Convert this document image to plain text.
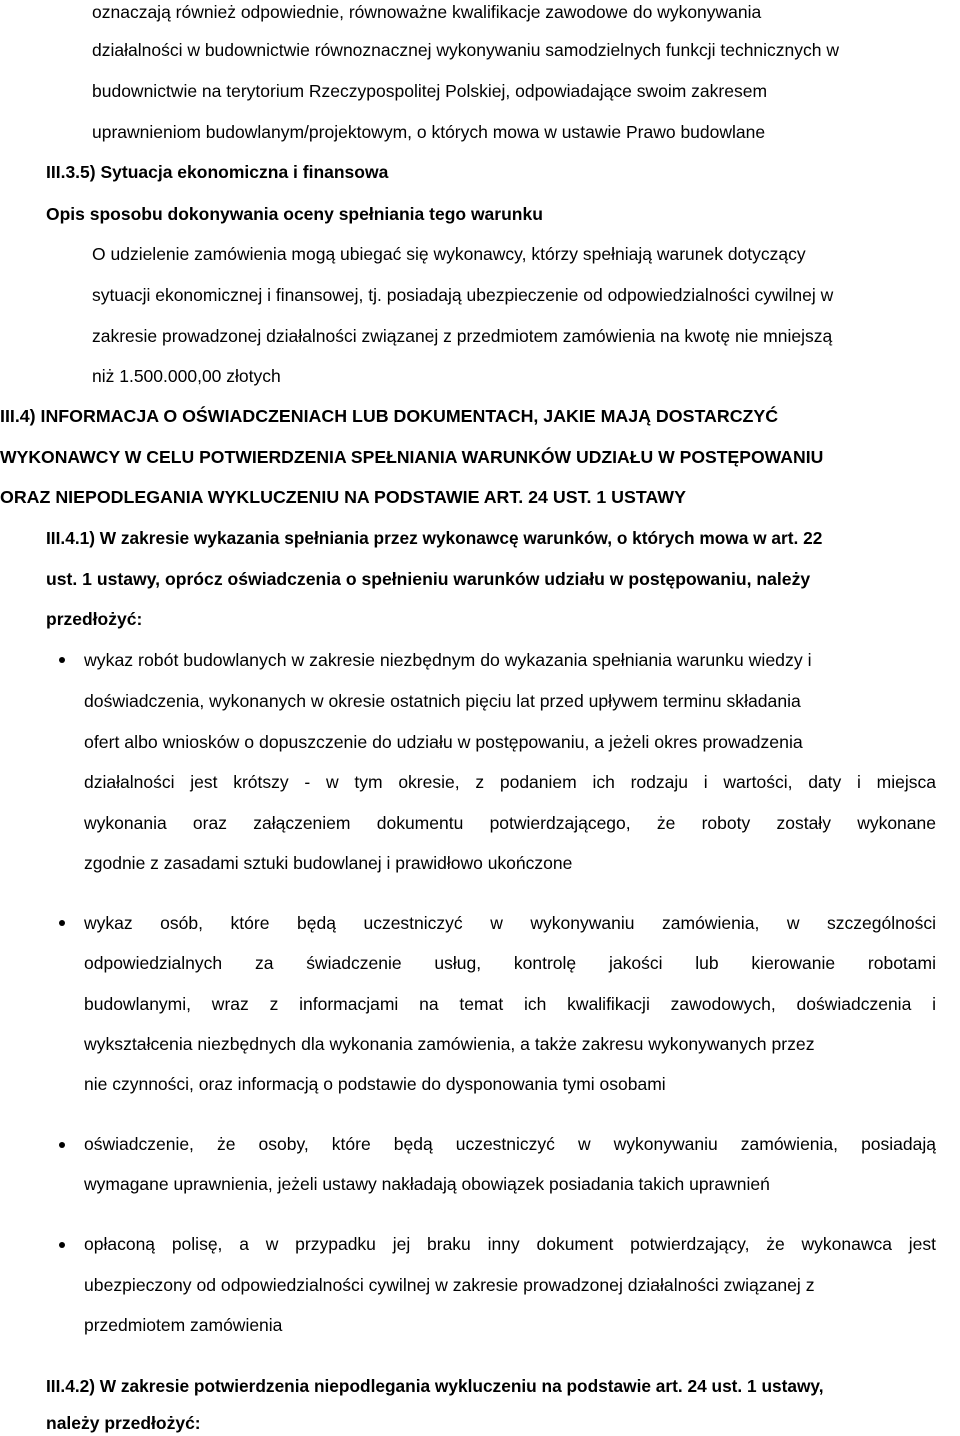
oznaczają również odpowiednie, równoważne kwalifikacje zawodowe do wykonywania
działalności w budownictwie równoznacznej wykonywaniu samodzielnych funkcji technicznych w
budownictwie na terytorium Rzeczypospolitej Polskiej, odpowiadające swoim zakresem
uprawnieniom budowlanym/projektowym, o których mowa w ustawie Prawo budowlane
III.3.5) Sytuacja ekonomiczna i finansowa
Opis sposobu dokonywania oceny spełniania tego warunku
O udzielenie zamówienia mogą ubiegać się wykonawcy, którzy spełniają warunek dotyczący
sytuacji ekonomicznej i finansowej, tj. posiadają ubezpieczenie od odpowiedzialności cywilnej w
zakresie prowadzonej działalności związanej z przedmiotem zamówienia na kwotę nie mniejszą
niż 1.500.000,00 złotych
III.4) INFORMACJA O OŚWIADCZENIACH LUB DOKUMENTACH, JAKIE MAJĄ DOSTARCZYĆ
WYKONAWCY W CELU POTWIERDZENIA SPEŁNIANIA WARUNKÓW UDZIAŁU W POSTĘPOWANIU
ORAZ NIEPODLEGANIA WYKLUCZENIU NA PODSTAWIE ART. 24 UST. 1 USTAWY
III.4.1) W zakresie wykazania spełniania przez wykonawcę warunków, o których mowa w art. 22
ust. 1 ustawy, oprócz oświadczenia o spełnieniu warunków udziału w postępowaniu, należy
przedłożyć:
wykaz robót budowlanych w zakresie niezbędnym do wykazania spełniania warunku wiedzy i
doświadczenia, wykonanych w okresie ostatnich pięciu lat przed upływem terminu składania
ofert albo wniosków o dopuszczenie do udziału w postępowaniu, a jeżeli okres prowadzenia
działalności jest krótszy - w tym okresie, z podaniem ich rodzaju i wartości, daty i miejsca
wykonania oraz załączeniem dokumentu potwierdzającego, że roboty zostały wykonane
zgodnie z zasadami sztuki budowlanej i prawidłowo ukończone
wykaz osób, które będą uczestniczyć w wykonywaniu zamówienia, w szczególności
odpowiedzialnych za świadczenie usług, kontrolę jakości lub kierowanie robotami
budowlanymi, wraz z informacjami na temat ich kwalifikacji zawodowych, doświadczenia i
wykształcenia niezbędnych dla wykonania zamówienia, a także zakresu wykonywanych przez
nie czynności, oraz informacją o podstawie do dysponowania tymi osobami
oświadczenie, że osoby, które będą uczestniczyć w wykonywaniu zamówienia, posiadają
wymagane uprawnienia, jeżeli ustawy nakładają obowiązek posiadania takich uprawnień
opłaconą polisę, a w przypadku jej braku inny dokument potwierdzający, że wykonawca jest
ubezpieczony od odpowiedzialności cywilnej w zakresie prowadzonej działalności związanej z
przedmiotem zamówienia
III.4.2) W zakresie potwierdzenia niepodlegania wykluczeniu na podstawie art. 24 ust. 1 ustawy,
należy przedłożyć:
